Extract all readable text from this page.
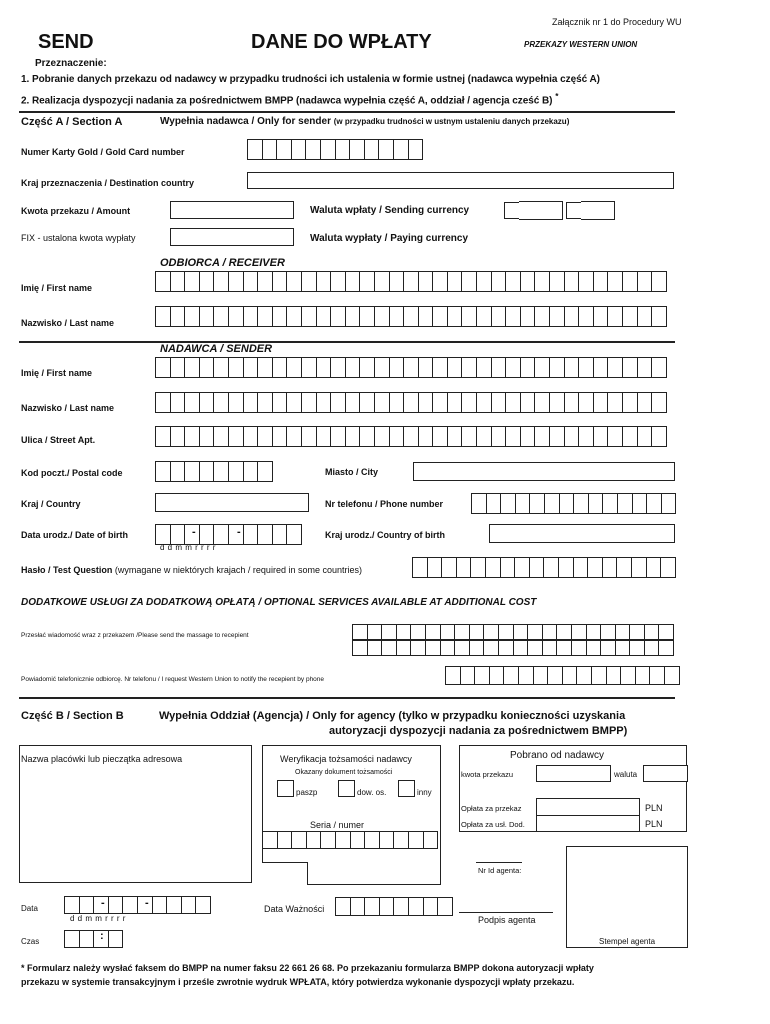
Załącznik nr 1 do Procedury WU
SEND	DANE DO WPŁATY	PRZEKAZY WESTERN UNION
Przeznaczenie:
1. Pobranie danych przekazu od nadawcy w przypadku trudności ich ustalenia w formie ustnej (nadawca wypełnia część A)
2. Realizacja dyspozycji nadania za pośrednictwem BMPP (nadawca wypełnia część A, oddział / agencja cześć B) *
Część A / Section A	Wypełnia nadawca / Only for sender (w przypadku trudności w ustnym ustaleniu danych przekazu)
Numer Karty Gold / Gold Card number
Kraj przeznaczenia / Destination country
Kwota przekazu / Amount	Waluta wpłaty / Sending currency
FIX - ustalona kwota wypłaty	Waluta wypłaty / Paying currency
ODBIORCA / RECEIVER
Imię / First name
Nazwisko / Last name
NADAWCA / SENDER
Imię / First name
Nazwisko / Last name
Ulica / Street Apt.
Kod poczt./ Postal code	Miasto / City
Kraj / Country	Nr telefonu / Phone number
Data urodz./ Date of birth	-	-
d d m m r r r r
Kraj urodz./ Country of birth
Hasło / Test Question (wymagane w niektórych krajach / required in some countries)
DODATKOWE USŁUGI ZA DODATKOWĄ OPŁATĄ / OPTIONAL SERVICES AVAILABLE AT ADDITIONAL COST
Przesłać wiadomość wraz z przekazem /Please send the massage to recepient
Powiadomić telefonicznie odbiorcę. Nr telefonu / I request Western Union to notify the recepient by phone
Część B / Section B	Wypełnia Oddział (Agencja) / Only for agency (tylko w przypadku konieczności uzyskania
autoryzacji dyspozycji nadania za pośrednictwem BMPP)
Nazwa placówki lub pieczątka adresowa	Weryfikacja tożsamości nadawcy
Okazany dokument tożsamości
paszp	dow. os.	inny
Seria / numer
Data Ważności
Pobrano od nadawcy
kwota przekazu	waluta
Opłata za przekaz	PLN
Opłata za usł. Dod.	PLN
Nr Id agenta:
Podpis agenta
Stempel agenta
Data	-	-
d d m m r r r r
Czas	:
* Formularz należy wysłać faksem do BMPP na numer faksu 22 661 26 68. Po przekazaniu formularza BMPP dokona autoryzacji wpłaty
przekazu w systemie transakcyjnym i prześle zwrotnie wydruk WPŁATA, który potwierdza wykonanie dyspozycji wpłaty przekazu.
